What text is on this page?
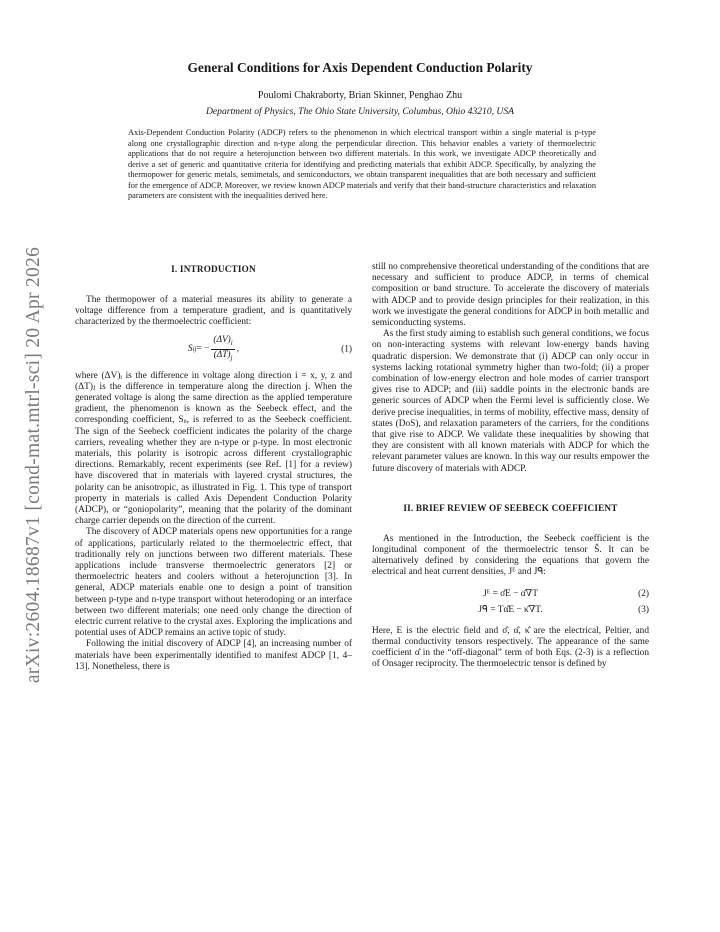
arXiv:2604.18687v1 [cond-mat.mtrl-sci] 20 Apr 2026
General Conditions for Axis Dependent Conduction Polarity
Poulomi Chakraborty, Brian Skinner, Penghao Zhu
Department of Physics, The Ohio State University, Columbus, Ohio 43210, USA
Axis-Dependent Conduction Polarity (ADCP) refers to the phenomenon in which electrical transport within a single material is p-type along one crystallographic direction and n-type along the perpendicular direction. This behavior enables a variety of thermoelectric applications that do not require a heterojunction between two different materials. In this work, we investigate ADCP theoretically and derive a set of generic and quantitative criteria for identifying and predicting materials that exhibit ADCP. Specifically, by analyzing the thermopower for generic metals, semimetals, and semiconductors, we obtain transparent inequalities that are both necessary and sufficient for the emergence of ADCP. Moreover, we review known ADCP materials and verify that their band-structure characteristics and relaxation parameters are consistent with the inequalities derived here.
I. INTRODUCTION

The thermopower of a material measures its ability to generate a voltage difference from a temperature gradient, and is quantitatively characterized by the thermoelectric coefficient:

S ij = − $\frac{(\Delta V)_i}{(\Delta T)_j}$ ,	(1)

where (ΔV)ᵢ is the difference in voltage along direction i = x, y, z and (ΔT)ⱼ is the difference in temperature along the direction j. When the generated voltage is along the same direction as the applied temperature gradient, the phenomenon is known as the Seebeck effect, and the corresponding coefficient, Sᵢᵢ, is referred to as the Seebeck coefficient. The sign of the Seebeck coefficient indicates the polarity of the charge carriers, revealing whether they are n-type or p-type. In most electronic materials, this polarity is isotropic across different crystallographic directions. Remarkably, recent experiments (see Ref. [1] for a review) have discovered that in materials with layered crystal structures, the polarity can be anisotropic, as illustrated in Fig. 1. This type of transport property in materials is called Axis Dependent Conduction Polarity (ADCP), or “goniopolarity”, meaning that the polarity of the dominant charge carrier depends on the direction of the current.

The discovery of ADCP materials opens new opportunities for a range of applications, particularly related to the thermoelectric effect, that traditionally rely on junctions between two different materials. These applications include transverse thermoelectric generators [2] or thermoelectric heaters and coolers without a heterojunction [3]. In general, ADCP materials enable one to design a point of transition between p-type and n-type transport without heterodoping or an interface between two different materials; one need only change the direction of electric current relative to the crystal axes. Exploring the implications and potential uses of ADCP remains an active topic of study.

Following the initial discovery of ADCP [4], an increasing number of materials have been experimentally identified to manifest ADCP [1, 4–13]. Nonetheless, there is

still no comprehensive theoretical understanding of the conditions that are necessary and sufficient to produce ADCP, in terms of chemical composition or band structure. To accelerate the discovery of materials with ADCP and to provide design principles for their realization, in this work we investigate the general conditions for ADCP in both metallic and semiconducting systems.

As the first study aiming to establish such general conditions, we focus on non-interacting systems with relevant low-energy bands having quadratic dispersion. We demonstrate that (i) ADCP can only occur in systems lacking rotational symmetry higher than two-fold; (ii) a proper combination of low-energy electron and hole modes of carrier transport gives rise to ADCP; and (iii) saddle points in the electronic bands are generic sources of ADCP when the Fermi level is sufficiently close. We derive precise inequalities, in terms of mobility, effective mass, density of states (DoS), and relaxation parameters of the carriers, for the conditions that give rise to ADCP. We validate these inequalities by showing that they are consistent with all known materials with ADCP for which the relevant parameter values are known. In this way our results empower the future discovery of materials with ADCP.

II. BRIEF REVIEW OF SEEBECK COEFFICIENT

As mentioned in the Introduction, the Seebeck coefficient is the longitudinal component of the thermoelectric tensor Ŝ. It can be alternatively defined by considering the equations that govern the electrical and heat current densities, Jᴱ and Jᑫ:

Jᴱ = σ̂E − α̂∇T	(2)
Jᑫ = Tα̂E − κ̂∇T.	(3)

Here, E is the electric field and σ̂, α̂, κ̂ are the electrical, Peltier, and thermal conductivity tensors respectively. The appearance of the same coefficient α̂ in the “off-diagonal” term of both Eqs. (2-3) is a reflection of Onsager reciprocity. The thermoelectric tensor is defined by
